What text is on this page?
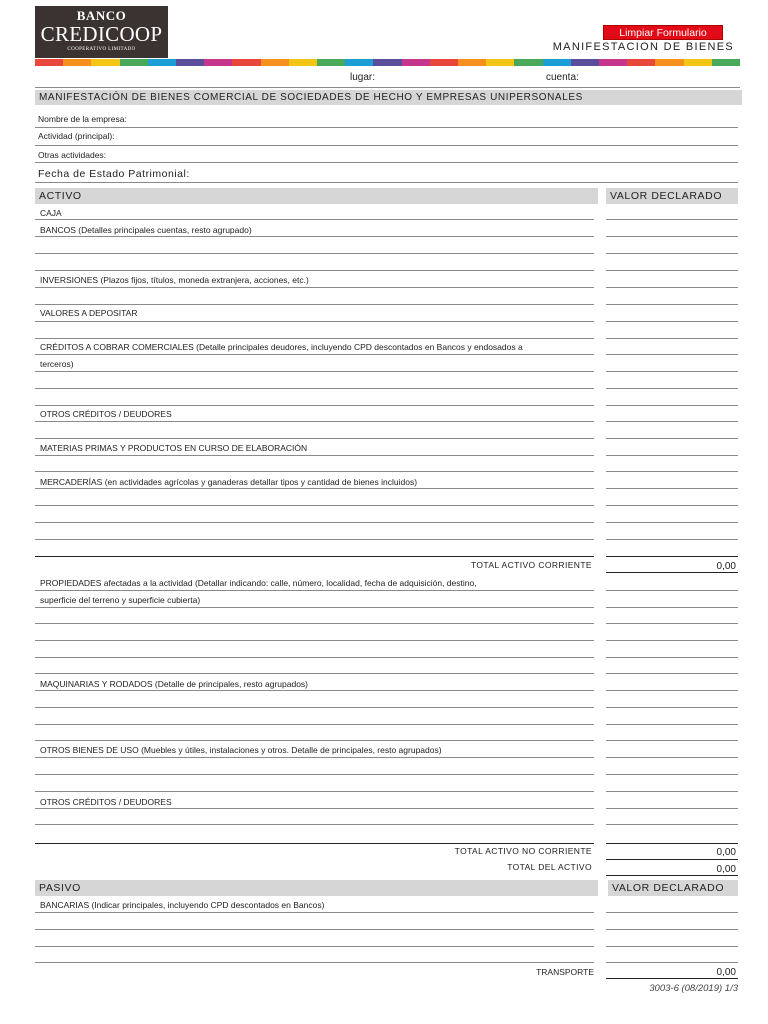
BANCO
CREDICOOP
COOPERATIVO LIMITADO
Limpiar Formulario
MANIFESTACION DE BIENES
lugar:	cuenta:
MANIFESTACIÓN DE BIENES COMERCIAL DE SOCIEDADES DE HECHO Y EMPRESAS UNIPERSONALES
Nombre de la empresa:
Actividad (principal):
Otras actividades:
Fecha de Estado Patrimonial:
ACTIVO	VALOR DECLARADO
CAJA
BANCOS (Detalles principales cuentas, resto agrupado)
INVERSIONES (Plazos fijos, títulos, moneda extranjera, acciones, etc.)
VALORES A DEPOSITAR
CRÉDITOS A COBRAR COMERCIALES (Detalle principales deudores, incluyendo CPD descontados en Bancos y endosados a
terceros)
OTROS CRÉDITOS / DEUDORES
MATERIAS PRIMAS Y PRODUCTOS EN CURSO DE ELABORACIÓN
MERCADERÍAS (en actividades agrícolas y ganaderas detallar tipos y cantidad de bienes incluidos)
TOTAL ACTIVO CORRIENTE	0,00
PROPIEDADES afectadas a la actividad (Detallar indicando: calle, número, localidad, fecha de adquisición, destino,
superficie del terreno y superficie cubierta)
MAQUINARIAS Y RODADOS (Detalle de principales, resto agrupados)
OTROS BIENES DE USO (Muebles y útiles, instalaciones y otros. Detalle de principales, resto agrupados)
OTROS CRÉDITOS / DEUDORES
TOTAL ACTIVO NO CORRIENTE	0,00
TOTAL DEL ACTIVO	0,00
PASIVO	VALOR DECLARADO
BANCARIAS (Indicar principales, incluyendo CPD descontados en Bancos)
TRANSPORTE	0,00
3003-6 (08/2019) 1/3
